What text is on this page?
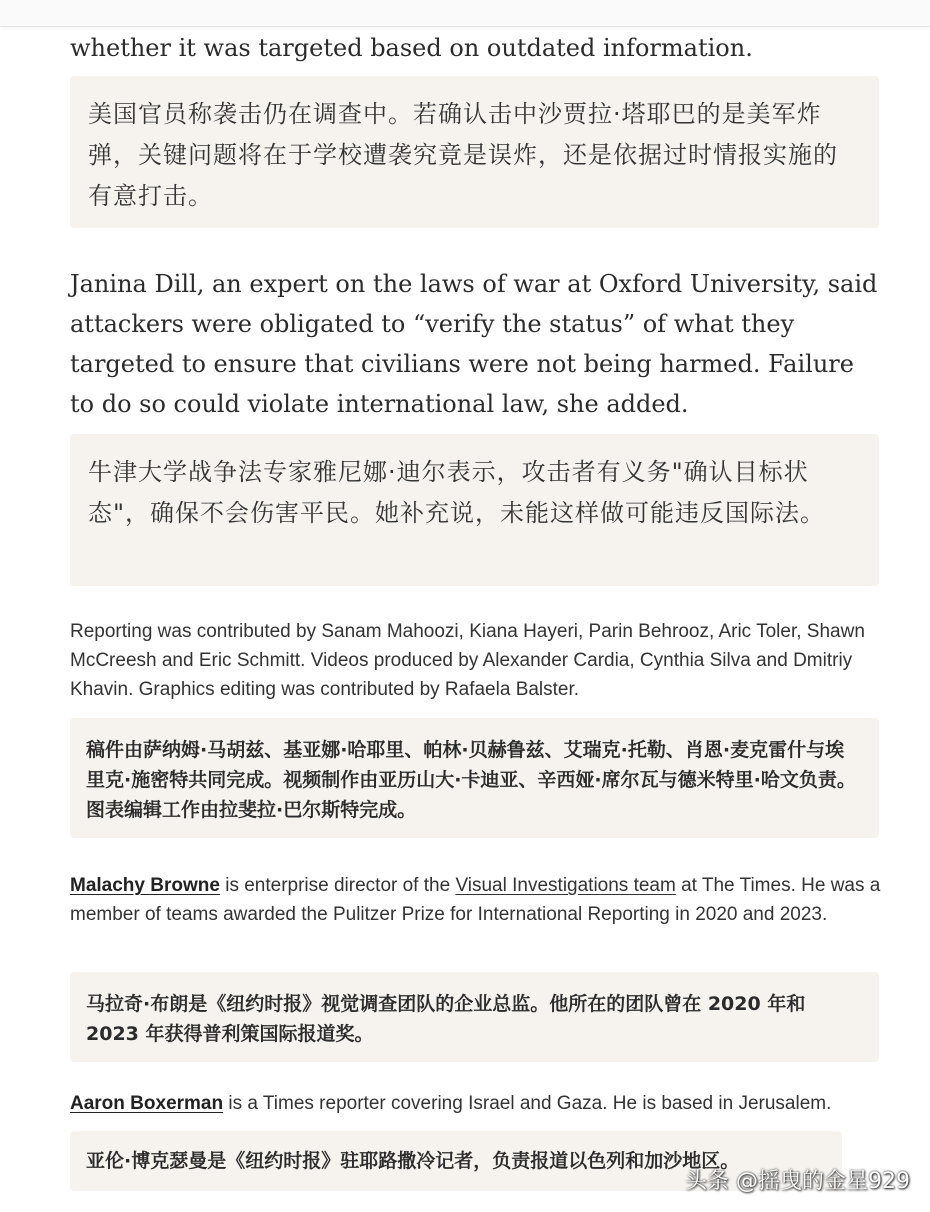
whether it was targeted based on outdated information.

美国官员称袭击仍在调查中。若确认击中沙贾拉·塔耶巴的是美军炸弹，关键问题将在于学校遭袭究竟是误炸，还是依据过时情报实施的有意打击。

Janina Dill, an expert on the laws of war at Oxford University, said attackers were obligated to “verify the status” of what they targeted to ensure that civilians were not being harmed. Failure to do so could violate international law, she added.

牛津大学战争法专家雅尼娜·迪尔表示，攻击者有义务"确认目标状态"，确保不会伤害平民。她补充说，未能这样做可能违反国际法。

Reporting was contributed by Sanam Mahoozi, Kiana Hayeri, Parin Behrooz, Aric Toler, Shawn McCreesh and Eric Schmitt. Videos produced by Alexander Cardia, Cynthia Silva and Dmitriy Khavin. Graphics editing was contributed by Rafaela Balster.

稿件由萨纳姆·马胡兹、基亚娜·哈耶里、帕林·贝赫鲁兹、艾瑞克·托勒、肖恩·麦克雷什与埃里克·施密特共同完成。视频制作由亚历山大·卡迪亚、辛西娅·席尔瓦与德米特里·哈文负责。图表编辑工作由拉斐拉·巴尔斯特完成。

Malachy Browne is enterprise director of the Visual Investigations team at The Times. He was a member of teams awarded the Pulitzer Prize for International Reporting in 2020 and 2023.

马拉奇·布朗是《纽约时报》视觉调查团队的企业总监。他所在的团队曾在 2020 年和 2023 年获得普利策国际报道奖。

Aaron Boxerman is a Times reporter covering Israel and Gaza. He is based in Jerusalem.

亚伦·博克瑟曼是《纽约时报》驻耶路撒冷记者，负责报道以色列和加沙地区。

头条 @摇曳的金星929
